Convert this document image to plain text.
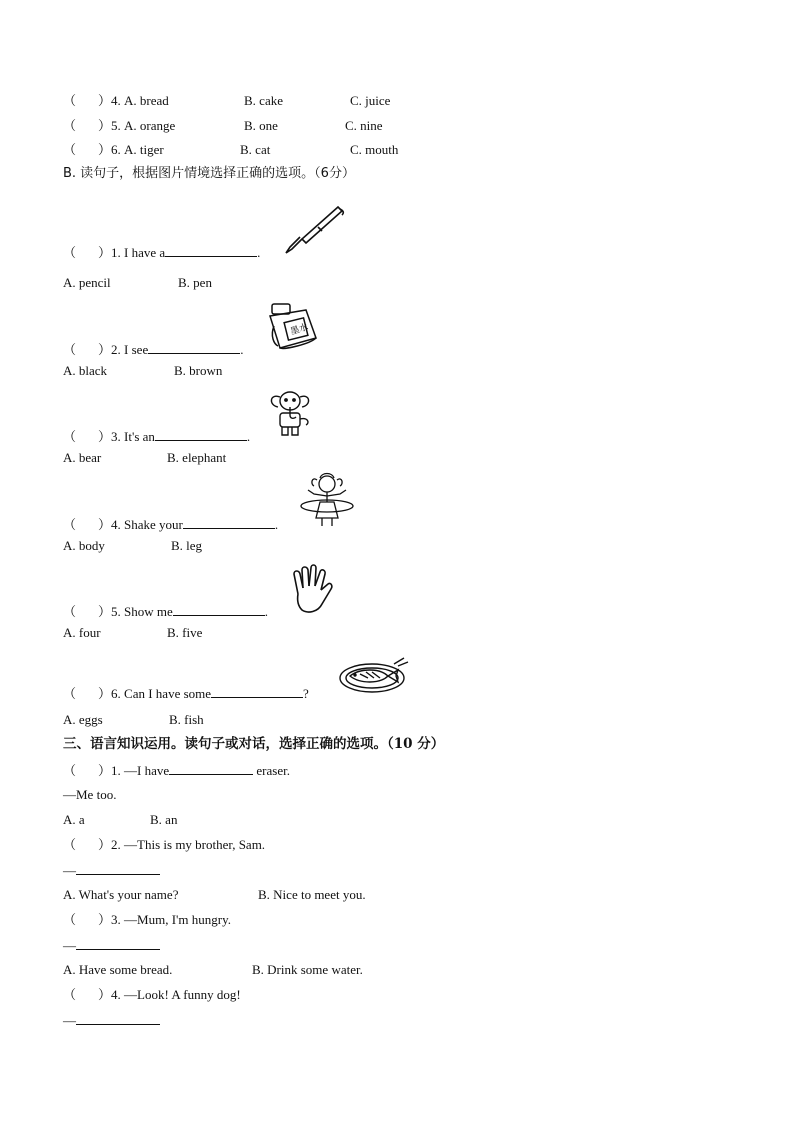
（ ）4. A. bread	B. cake	C. juice
（ ）5. A. orange	B. one	C. nine
（ ）6. A. tiger	B. cat	C. mouth
B. 读句子，根据图片情境选择正确的选项。（6分）
（ ）1. I have a	.
A. pencil	B. pen
墨水
（ ）2. I see	.
A. black	B. brown
（ ）3. It's an	.
A. bear	B. elephant
（ ）4. Shake your	.
A. body	B. leg
（ ）5. Show me	.
A. four	B. five
（ ）6. Can I have some	?
A. eggs	B. fish
三、语言知识运用。读句子或对话，选择正确的选项。（10 分）
（ ）1. —I have	eraser.
—Me too.
A. a	B. an
（ ）2. —This is my brother, Sam.
—
A. What's your name?	B. Nice to meet you.
（ ）3. —Mum, I'm hungry.
—
A. Have some bread.	B. Drink some water.
（ ）4. —Look! A funny dog!
—
